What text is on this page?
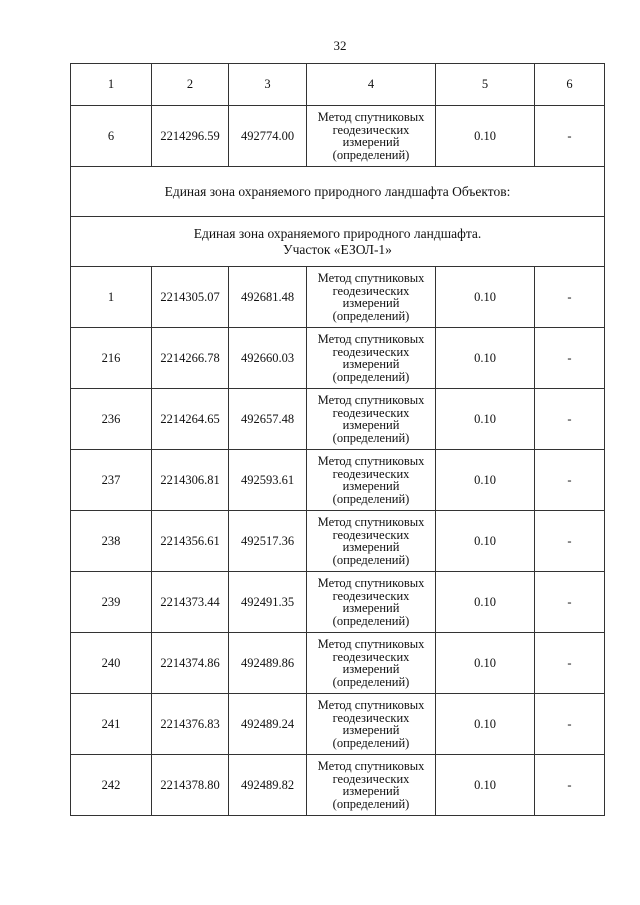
32
1	2	3	4	5	6
6	2214296.59	492774.00	Метод спутниковых геодезических измерений (определений)	0.10	-

Единая зона охраняемого природного ландшафта Объектов:					

Единая зона охраняемого природного ландшафта.
Участок «ЕЗОЛ-1»					

1	2214305.07	492681.48	Метод спутниковых геодезических измерений (определений)	0.10	-
216	2214266.78	492660.03	Метод спутниковых геодезических измерений (определений)	0.10	-
236	2214264.65	492657.48	Метод спутниковых геодезических измерений (определений)	0.10	-
237	2214306.81	492593.61	Метод спутниковых геодезических измерений (определений)	0.10	-
238	2214356.61	492517.36	Метод спутниковых геодезических измерений (определений)	0.10	-
239	2214373.44	492491.35	Метод спутниковых геодезических измерений (определений)	0.10	-
240	2214374.86	492489.86	Метод спутниковых геодезических измерений (определений)	0.10	-
241	2214376.83	492489.24	Метод спутниковых геодезических измерений (определений)	0.10	-
242	2214378.80	492489.82	Метод спутниковых геодезических измерений (определений)	0.10	-
